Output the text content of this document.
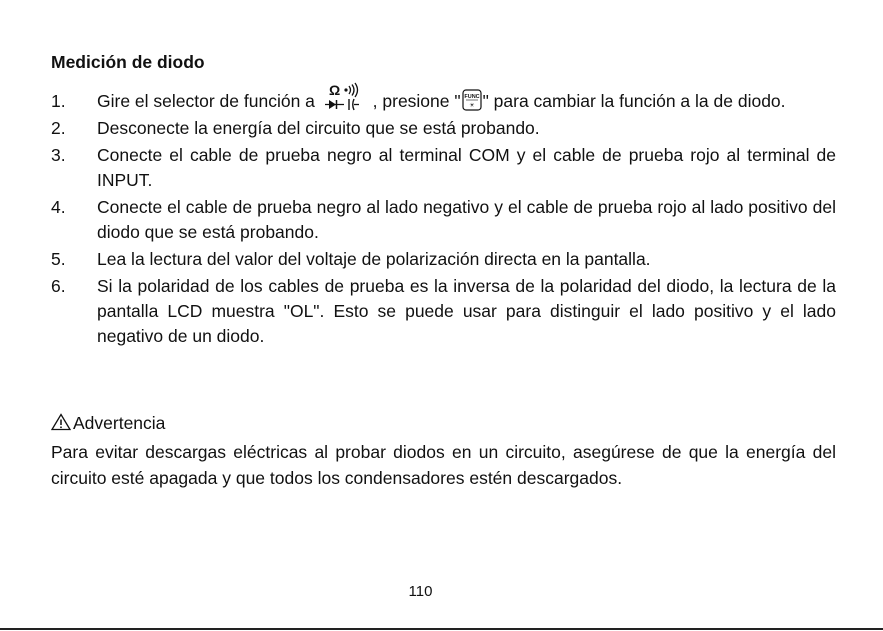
Medición de diodo
1. Gire el selector de función a
Ω
, presione " FUNC
☀ " para cambiar la función a la de diodo.
2. Desconecte la energía del circuito que se está probando.
3. Conecte el cable de prueba negro al terminal COM y el cable de prueba rojo al terminal de INPUT.
4. Conecte el cable de prueba negro al lado negativo y el cable de prueba rojo al lado positivo del diodo que se está probando.
5. Lea la lectura del valor del voltaje de polarización directa en la pantalla.
6. Si la polaridad de los cables de prueba es la inversa de la polaridad del diodo, la lectura de la pantalla LCD muestra "OL". Esto se puede usar para distinguir el lado positivo y el lado negativo de un diodo.
Advertencia

Para evitar descargas eléctricas al probar diodos en un circuito, asegúrese de que la energía del circuito esté apagada y que todos los condensadores estén descargados.

110
